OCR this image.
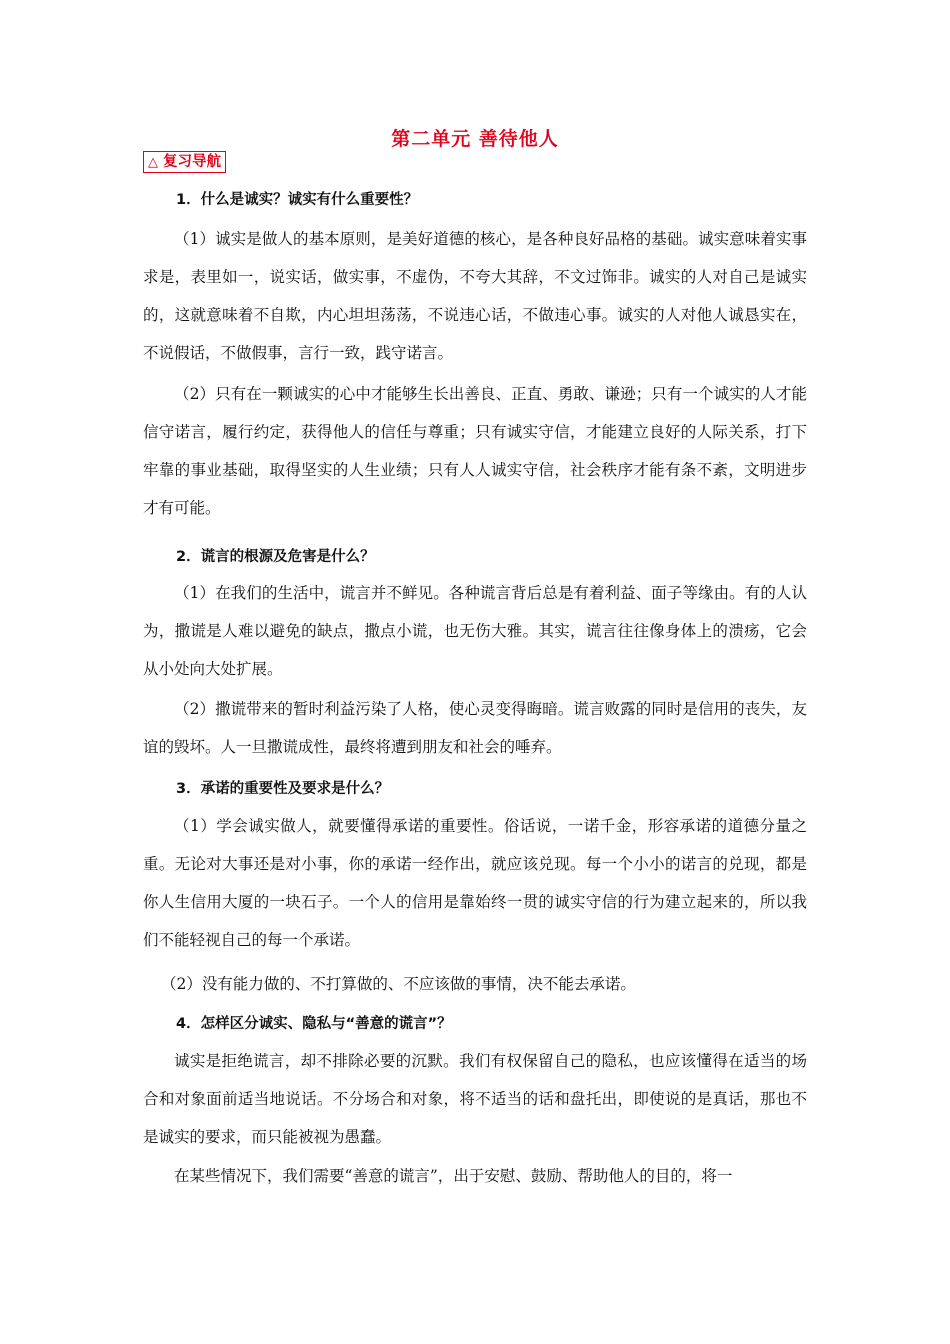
第二单元 善待他人
△ 复习导航
1．什么是诚实？诚实有什么重要性？
（1）诚实是做人的基本原则，是美好道德的核心，是各种良好品格的基础。诚实意味着实事求是，表里如一，说实话，做实事，不虚伪，不夸大其辞，不文过饰非。诚实的人对自己是诚实的，这就意味着不自欺，内心坦坦荡荡，不说违心话，不做违心事。诚实的人对他人诚恳实在，不说假话，不做假事，言行一致，践守诺言。
（2）只有在一颗诚实的心中才能够生长出善良、正直、勇敢、谦逊；只有一个诚实的人才能信守诺言，履行约定，获得他人的信任与尊重；只有诚实守信，才能建立良好的人际关系，打下牢靠的事业基础，取得坚实的人生业绩；只有人人诚实守信，社会秩序才能有条不紊，文明进步才有可能。
2．谎言的根源及危害是什么？
（1）在我们的生活中，谎言并不鲜见。各种谎言背后总是有着利益、面子等缘由。有的人认为，撒谎是人难以避免的缺点，撒点小谎，也无伤大雅。其实，谎言往往像身体上的溃疡，它会从小处向大处扩展。
（2）撒谎带来的暂时利益污染了人格，使心灵变得晦暗。谎言败露的同时是信用的丧失，友谊的毁坏。人一旦撒谎成性，最终将遭到朋友和社会的唾弃。
3．承诺的重要性及要求是什么？
（1）学会诚实做人，就要懂得承诺的重要性。俗话说，一诺千金，形容承诺的道德分量之重。无论对大事还是对小事，你的承诺一经作出，就应该兑现。每一个小小的诺言的兑现，都是你人生信用大厦的一块石子。一个人的信用是靠始终一贯的诚实守信的行为建立起来的，所以我们不能轻视自己的每一个承诺。
（2）没有能力做的、不打算做的、不应该做的事情，决不能去承诺。
4．怎样区分诚实、隐私与“善意的谎言”？
诚实是拒绝谎言，却不排除必要的沉默。我们有权保留自己的隐私，也应该懂得在适当的场合和对象面前适当地说话。不分场合和对象，将不适当的话和盘托出，即使说的是真话，那也不是诚实的要求，而只能被视为愚蠢。
在某些情况下，我们需要“善意的谎言”，出于安慰、鼓励、帮助他人的目的，将一
